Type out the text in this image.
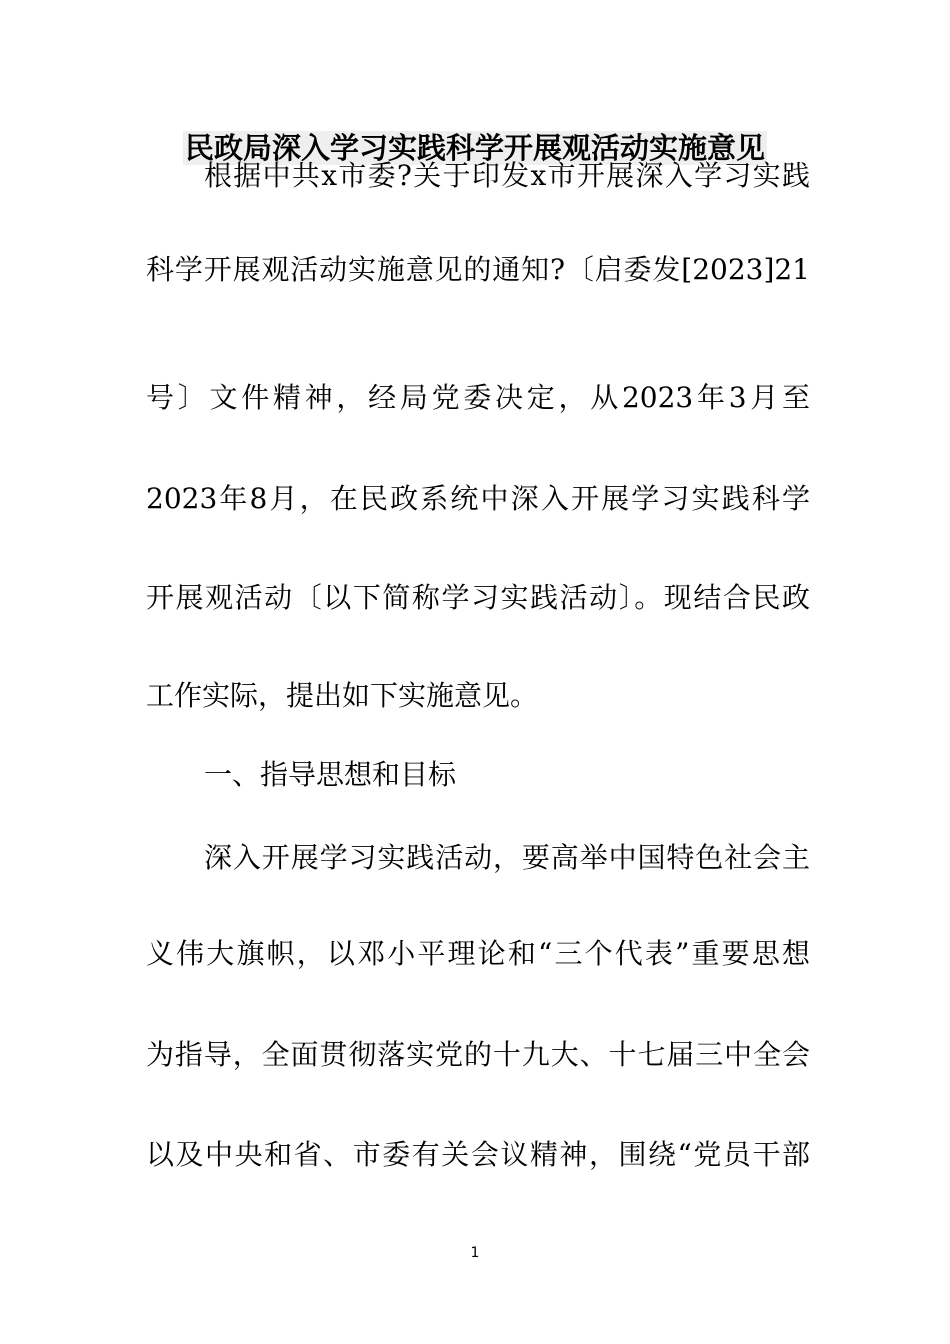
民政局深入学习实践科学开展观活动实施意见
根据中共x市委?关于印发x市开展深入学习实践
科学开展观活动实施意见的通知?〔启委发[2023]21
号〕文件精神，经局党委决定，从2023年3月至
2023年8月，在民政系统中深入开展学习实践科学
开展观活动〔以下简称学习实践活动〕。现结合民政
工作实际，提出如下实施意见。
一、指导思想和目标
深入开展学习实践活动，要高举中国特色社会主
义伟大旗帜，以邓小平理论和“三个代表”重要思想
为指导，全面贯彻落实党的十九大、十七届三中全会
以及中央和省、市委有关会议精神，围绕“党员干部
1
